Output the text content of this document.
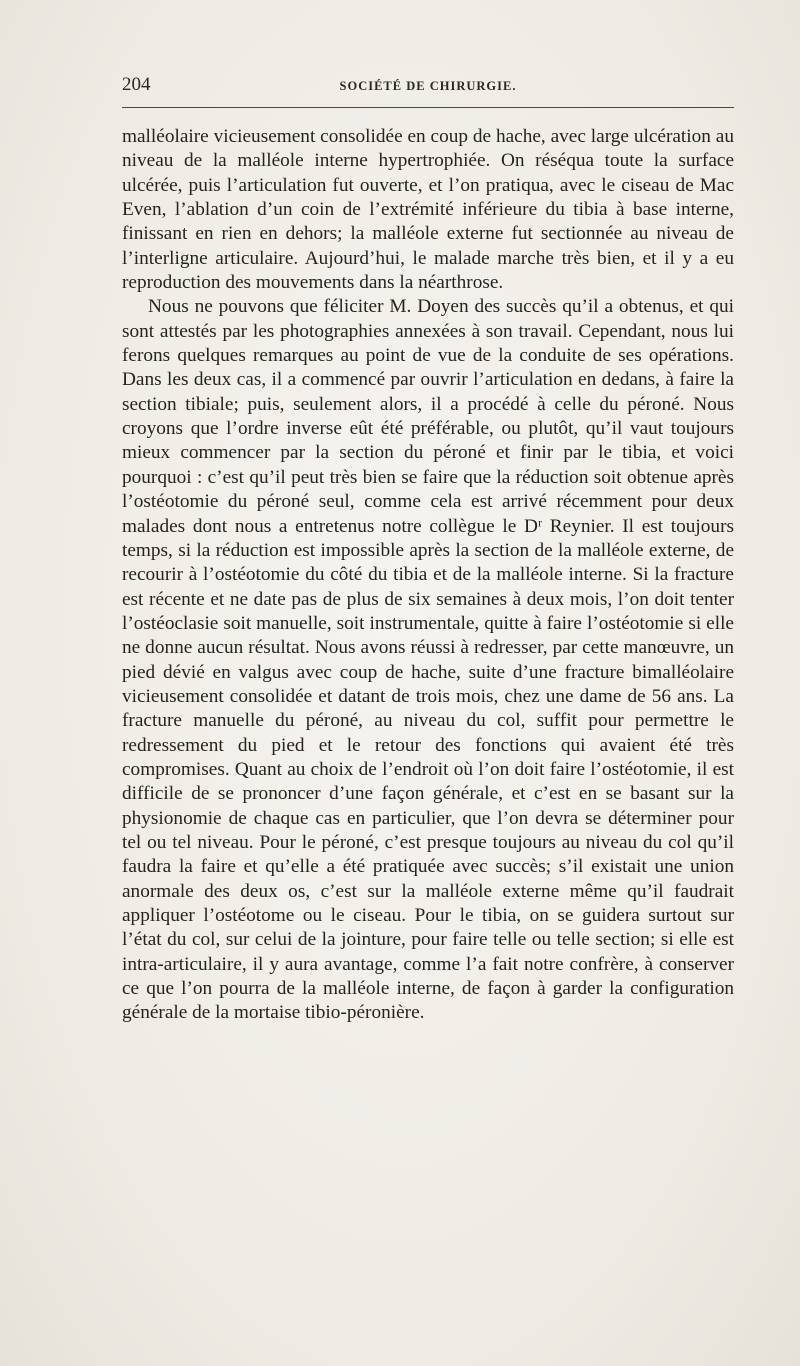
204	SOCIÉTÉ DE CHIRURGIE.

malléolaire vicieusement consolidée en coup de hache, avec large ulcération au niveau de la malléole interne hypertrophiée. On réséqua toute la surface ulcérée, puis l’articulation fut ouverte, et l’on pratiqua, avec le ciseau de Mac Even, l’ablation d’un coin de l’extrémité inférieure du tibia à base interne, finissant en rien en dehors; la malléole externe fut sectionnée au niveau de l’interligne articulaire. Aujourd’hui, le malade marche très bien, et il y a eu reproduction des mouvements dans la néarthrose.

Nous ne pouvons que féliciter M. Doyen des succès qu’il a obtenus, et qui sont attestés par les photographies annexées à son travail. Cependant, nous lui ferons quelques remarques au point de vue de la conduite de ses opérations. Dans les deux cas, il a commencé par ouvrir l’articulation en dedans, à faire la section tibiale; puis, seulement alors, il a procédé à celle du péroné. Nous croyons que l’ordre inverse eût été préférable, ou plutôt, qu’il vaut toujours mieux commencer par la section du péroné et finir par le tibia, et voici pourquoi : c’est qu’il peut très bien se faire que la réduction soit obtenue après l’ostéotomie du péroné seul, comme cela est arrivé récemment pour deux malades dont nous a entretenus notre collègue le Dʳ Reynier. Il est toujours temps, si la réduction est impossible après la section de la malléole externe, de recourir à l’ostéotomie du côté du tibia et de la malléole interne. Si la fracture est récente et ne date pas de plus de six semaines à deux mois, l’on doit tenter l’ostéoclasie soit manuelle, soit instrumentale, quitte à faire l’ostéotomie si elle ne donne aucun résultat. Nous avons réussi à redresser, par cette manœuvre, un pied dévié en valgus avec coup de hache, suite d’une fracture bimalléolaire vicieusement consolidée et datant de trois mois, chez une dame de 56 ans. La fracture manuelle du péroné, au niveau du col, suffit pour permettre le redressement du pied et le retour des fonctions qui avaient été très compromises. Quant au choix de l’endroit où l’on doit faire l’ostéotomie, il est difficile de se prononcer d’une façon générale, et c’est en se basant sur la physionomie de chaque cas en particulier, que l’on devra se déterminer pour tel ou tel niveau. Pour le péroné, c’est presque toujours au niveau du col qu’il faudra la faire et qu’elle a été pratiquée avec succès; s’il existait une union anormale des deux os, c’est sur la malléole externe même qu’il faudrait appliquer l’ostéotome ou le ciseau. Pour le tibia, on se guidera surtout sur l’état du col, sur celui de la jointure, pour faire telle ou telle section; si elle est intra-articulaire, il y aura avantage, comme l’a fait notre confrère, à conserver ce que l’on pourra de la malléole interne, de façon à garder la configuration générale de la mortaise tibio-péronière.
